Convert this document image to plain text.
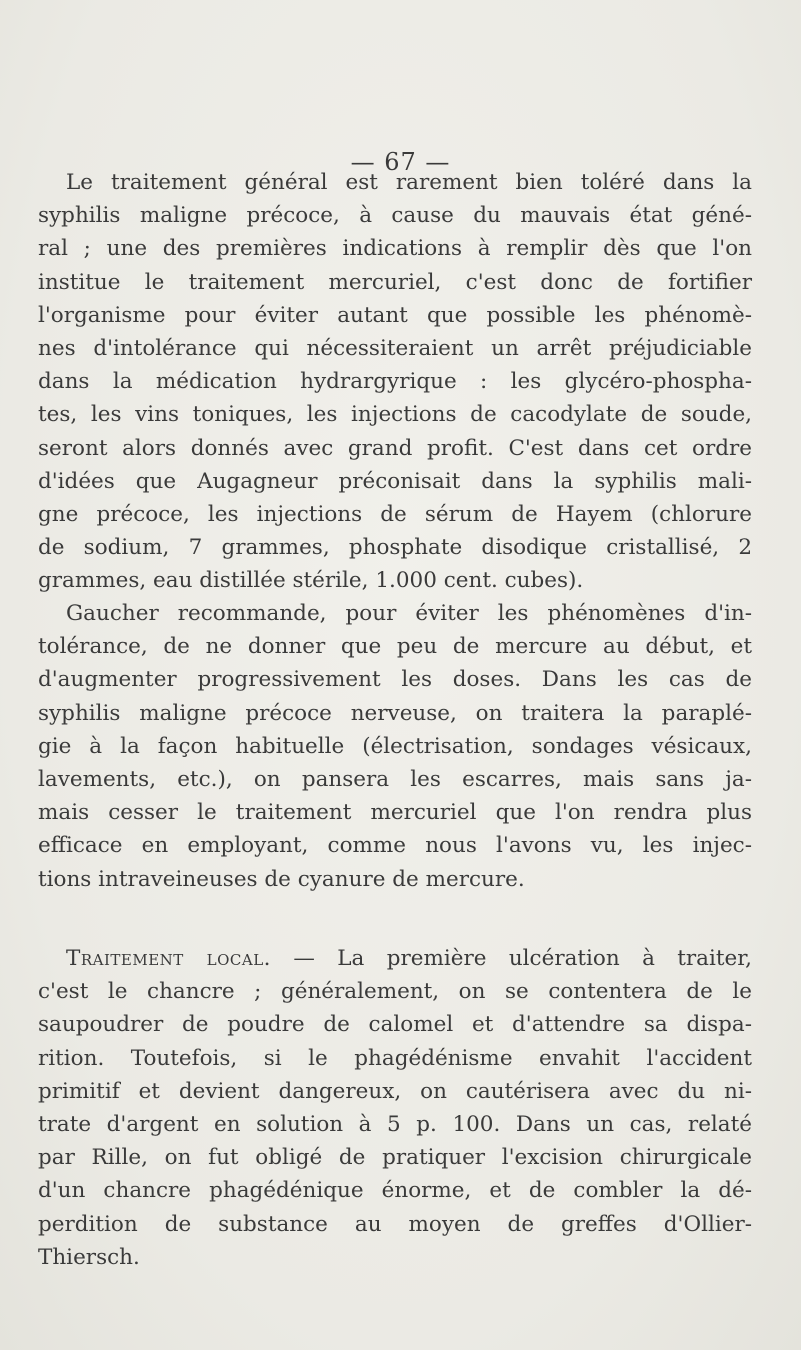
— 67 —
Le traitement général est rarement bien toléré dans la
syphilis maligne précoce, à cause du mauvais état géné-
ral ; une des premières indications à remplir dès que l'on
institue le traitement mercuriel, c'est donc de fortifier
l'organisme pour éviter autant que possible les phénomè-
nes d'intolérance qui nécessiteraient un arrêt préjudiciable
dans la médication hydrargyrique : les glycéro-phospha-
tes, les vins toniques, les injections de cacodylate de soude,
seront alors donnés avec grand profit. C'est dans cet ordre
d'idées que Augagneur préconisait dans la syphilis mali-
gne précoce, les injections de sérum de Hayem (chlorure
de sodium, 7 grammes, phosphate disodique cristallisé, 2
grammes, eau distillée stérile, 1.000 cent. cubes).
Gaucher recommande, pour éviter les phénomènes d'in-
tolérance, de ne donner que peu de mercure au début, et
d'augmenter progressivement les doses. Dans les cas de
syphilis maligne précoce nerveuse, on traitera la paraplé-
gie à la façon habituelle (électrisation, sondages vésicaux,
lavements, etc.), on pansera les escarres, mais sans ja-
mais cesser le traitement mercuriel que l'on rendra plus
efficace en employant, comme nous l'avons vu, les injec-
tions intraveineuses de cyanure de mercure.
Traitement local. — La première ulcération à traiter,
c'est le chancre ; généralement, on se contentera de le
saupoudrer de poudre de calomel et d'attendre sa dispa-
rition. Toutefois, si le phagédénisme envahit l'accident
primitif et devient dangereux, on cautérisera avec du ni-
trate d'argent en solution à 5 p. 100. Dans un cas, relaté
par Rille, on fut obligé de pratiquer l'excision chirurgicale
d'un chancre phagédénique énorme, et de combler la dé-
perdition de substance au moyen de greffes d'Ollier-
Thiersch.
